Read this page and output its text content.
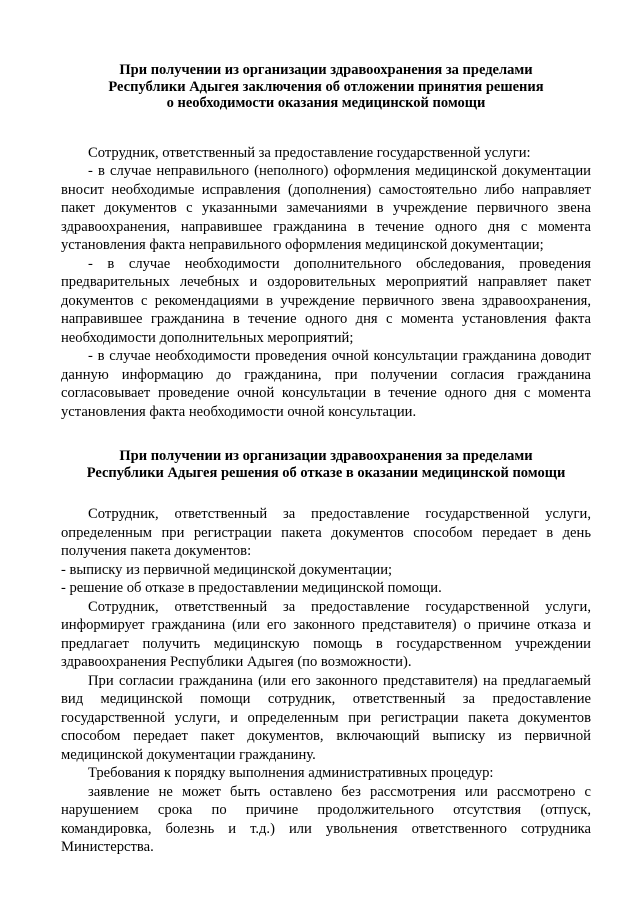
При получении из организации здравоохранения за пределами
Республики Адыгея заключения об отложении принятия решения
о необходимости оказания медицинской помощи

Сотрудник, ответственный за предоставление государственной услуги:

- в случае неправильного (неполного) оформления медицинской документации вносит необходимые исправления (дополнения) самостоятельно либо направляет пакет документов с указанными замечаниями в учреждение первичного звена здравоохранения, направившее гражданина в течение одного дня с момента установления факта неправильного оформления медицинской документации;

- в случае необходимости дополнительного обследования, проведения предварительных лечебных и оздоровительных мероприятий направляет пакет документов с рекомендациями в учреждение первичного звена здравоохранения, направившее гражданина в течение одного дня с момента установления факта необходимости дополнительных мероприятий;

- в случае необходимости проведения очной консультации гражданина доводит данную информацию до гражданина, при получении согласия гражданина согласовывает проведение очной консультации в течение одного дня с момента установления факта необходимости очной консультации.

При получении из организации здравоохранения за пределами
Республики Адыгея решения об отказе в оказании медицинской помощи

Сотрудник, ответственный за предоставление государственной услуги, определенным при регистрации пакета документов способом передает в день получения пакета документов:

- выписку из первичной медицинской документации;

- решение об отказе в предоставлении медицинской помощи.

Сотрудник, ответственный за предоставление государственной услуги, информирует гражданина (или его законного представителя) о причине отказа и предлагает получить медицинскую помощь в государственном учреждении здравоохранения Республики Адыгея (по возможности).

При согласии гражданина (или его законного представителя) на предлагаемый вид медицинской помощи сотрудник, ответственный за предоставление государственной услуги, и определенным при регистрации пакета документов способом передает пакет документов, включающий выписку из первичной медицинской документации гражданину.

Требования к порядку выполнения административных процедур:

заявление не может быть оставлено без рассмотрения или рассмотрено с нарушением срока по причине продолжительного отсутствия (отпуск, командировка, болезнь и т.д.) или увольнения ответственного сотрудника Министерства.
